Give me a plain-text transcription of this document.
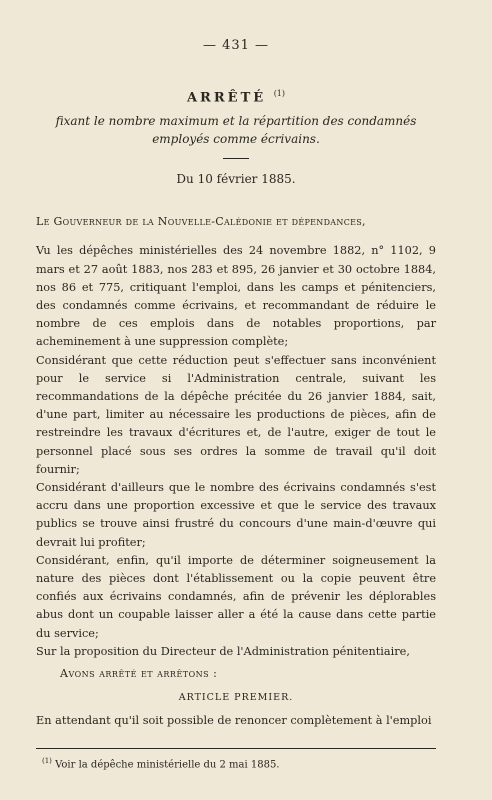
— 431 —
ARRÊTÉ $^{(1)}$
fixant le nombre maximum et la répartition des condamnés
employés comme écrivains.
Du 10 février 1885.
Le Gouverneur de la Nouvelle-Calédonie et dépendances,

Vu les dépêches ministérielles des 24 novembre 1882, n° 1102, 9 mars et 27 août 1883, nos 283 et 895, 26 janvier et 30 octobre 1884, nos 86 et 775, critiquant l'emploi, dans les camps et pénitenciers, des condamnés comme écrivains, et recommandant de réduire le nombre de ces emplois dans de notables proportions, par acheminement à une suppression complète;

Considérant que cette réduction peut s'effectuer sans inconvénient pour le service si l'Administration centrale, suivant les recommandations de la dépêche précitée du 26 janvier 1884, sait, d'une part, limiter au nécessaire les productions de pièces, afin de restreindre les travaux d'écritures et, de l'autre, exiger de tout le personnel placé sous ses ordres la somme de travail qu'il doit fournir;

Considérant d'ailleurs que le nombre des écrivains condamnés s'est accru dans une proportion excessive et que le service des travaux publics se trouve ainsi frustré du concours d'une main-d'œuvre qui devrait lui profiter;

Considérant, enfin, qu'il importe de déterminer soigneusement la nature des pièces dont l'établissement ou la copie peuvent être confiés aux écrivains condamnés, afin de prévenir les déplorables abus dont un coupable laisser aller a été la cause dans cette partie du service;

Sur la proposition du Directeur de l'Administration pénitentiaire,

Avons arrêté et arrêtons :
ARTICLE PREMIER.
En attendant qu'il soit possible de renoncer complètement à l'emploi
$^{(1)}$ Voir la dépêche ministérielle du 2 mai 1885.
